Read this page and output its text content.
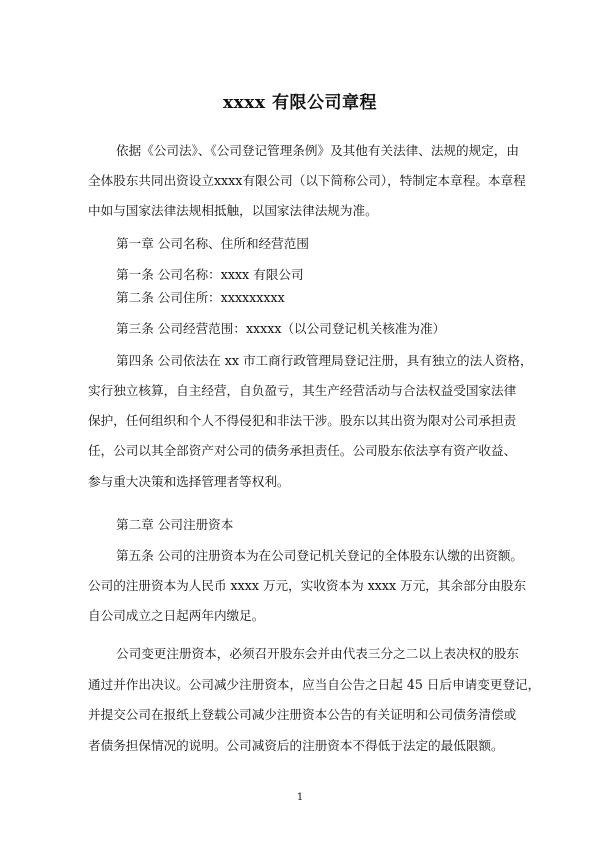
xxxx 有限公司章程

依据《公司法》、《公司登记管理条例》及其他有关法律、法规的规定，由

全体股东共同出资设立xxxx有限公司（以下简称公司），特制定本章程。本章程

中如与国家法律法规相抵触，以国家法律法规为准。

第一章 公司名称、住所和经营范围

第一条 公司名称：xxxx 有限公司

第二条 公司住所：xxxxxxxxx

第三条 公司经营范围：xxxxx（以公司登记机关核准为准）

第四条 公司依法在 xx 市工商行政管理局登记注册，具有独立的法人资格，

实行独立核算，自主经营，自负盈亏，其生产经营活动与合法权益受国家法律

保护，任何组织和个人不得侵犯和非法干涉。股东以其出资为限对公司承担责

任，公司以其全部资产对公司的债务承担责任。公司股东依法享有资产收益、

参与重大决策和选择管理者等权利。

第二章 公司注册资本

第五条 公司的注册资本为在公司登记机关登记的全体股东认缴的出资额。

公司的注册资本为人民币 xxxx 万元，实收资本为 xxxx 万元，其余部分由股东

自公司成立之日起两年内缴足。

公司变更注册资本，必须召开股东会并由代表三分之二以上表决权的股东

通过并作出决议。公司减少注册资本，应当自公告之日起 45 日后申请变更登记，

并提交公司在报纸上登载公司减少注册资本公告的有关证明和公司债务清偿或

者债务担保情况的说明。公司减资后的注册资本不得低于法定的最低限额。

1
